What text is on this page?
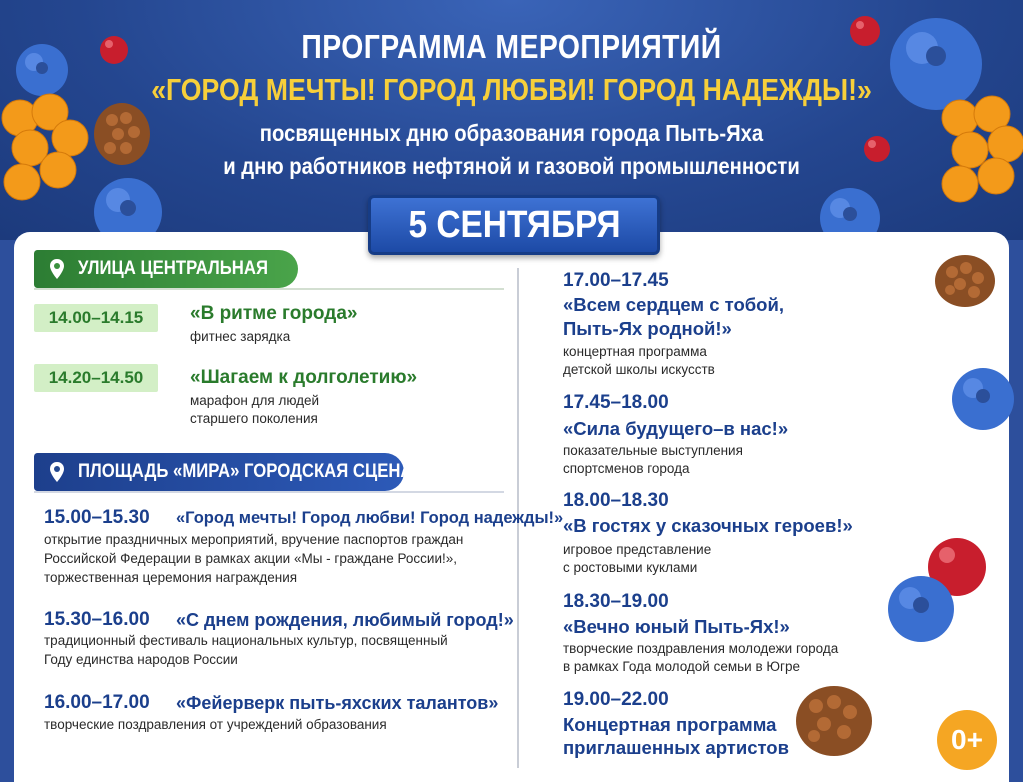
ПРОГРАММА МЕРОПРИЯТИЙ
«ГОРОД МЕЧТЫ! ГОРОД ЛЮБВИ! ГОРОД НАДЕЖДЫ!»
посвященных дню образования города Пыть-Яха
и дню работников нефтяной и газовой промышленности
5 СЕНТЯБРЯ
УЛИЦА ЦЕНТРАЛЬНАЯ
14.00–14.15	«В ритме города»
фитнес зарядка
14.20–14.50	«Шагаем к долголетию»
марафон для людей
старшего поколения
ПЛОЩАДЬ «МИРА» ГОРОДСКАЯ СЦЕНА
15.00–15.30 «Город мечты! Город любви! Город надежды!»
открытие праздничных мероприятий, вручение паспортов граждан
Российской Федерации в рамках акции «Мы - граждане России!»,
торжественная церемония награждения
15.30–16.00 «С днем рождения, любимый город!»
традиционный фестиваль национальных культур, посвященный
Году единства народов России
16.00–17.00 «Фейерверк пыть-яхских талантов»
творческие поздравления от учреждений образования
17.00–17.45
«Всем сердцем с тобой,
Пыть-Ях родной!»
концертная программа
детской школы искусств
17.45–18.00
«Сила будущего–в нас!»
показательные выступления
спортсменов города
18.00–18.30
«В гостях у сказочных героев!»
игровое представление
с ростовыми куклами
18.30–19.00
«Вечно юный Пыть-Ях!»
творческие поздравления молодежи города
в рамках Года молодой семьи в Югре
19.00–22.00
Концертная программа
приглашенных артистов	0+
